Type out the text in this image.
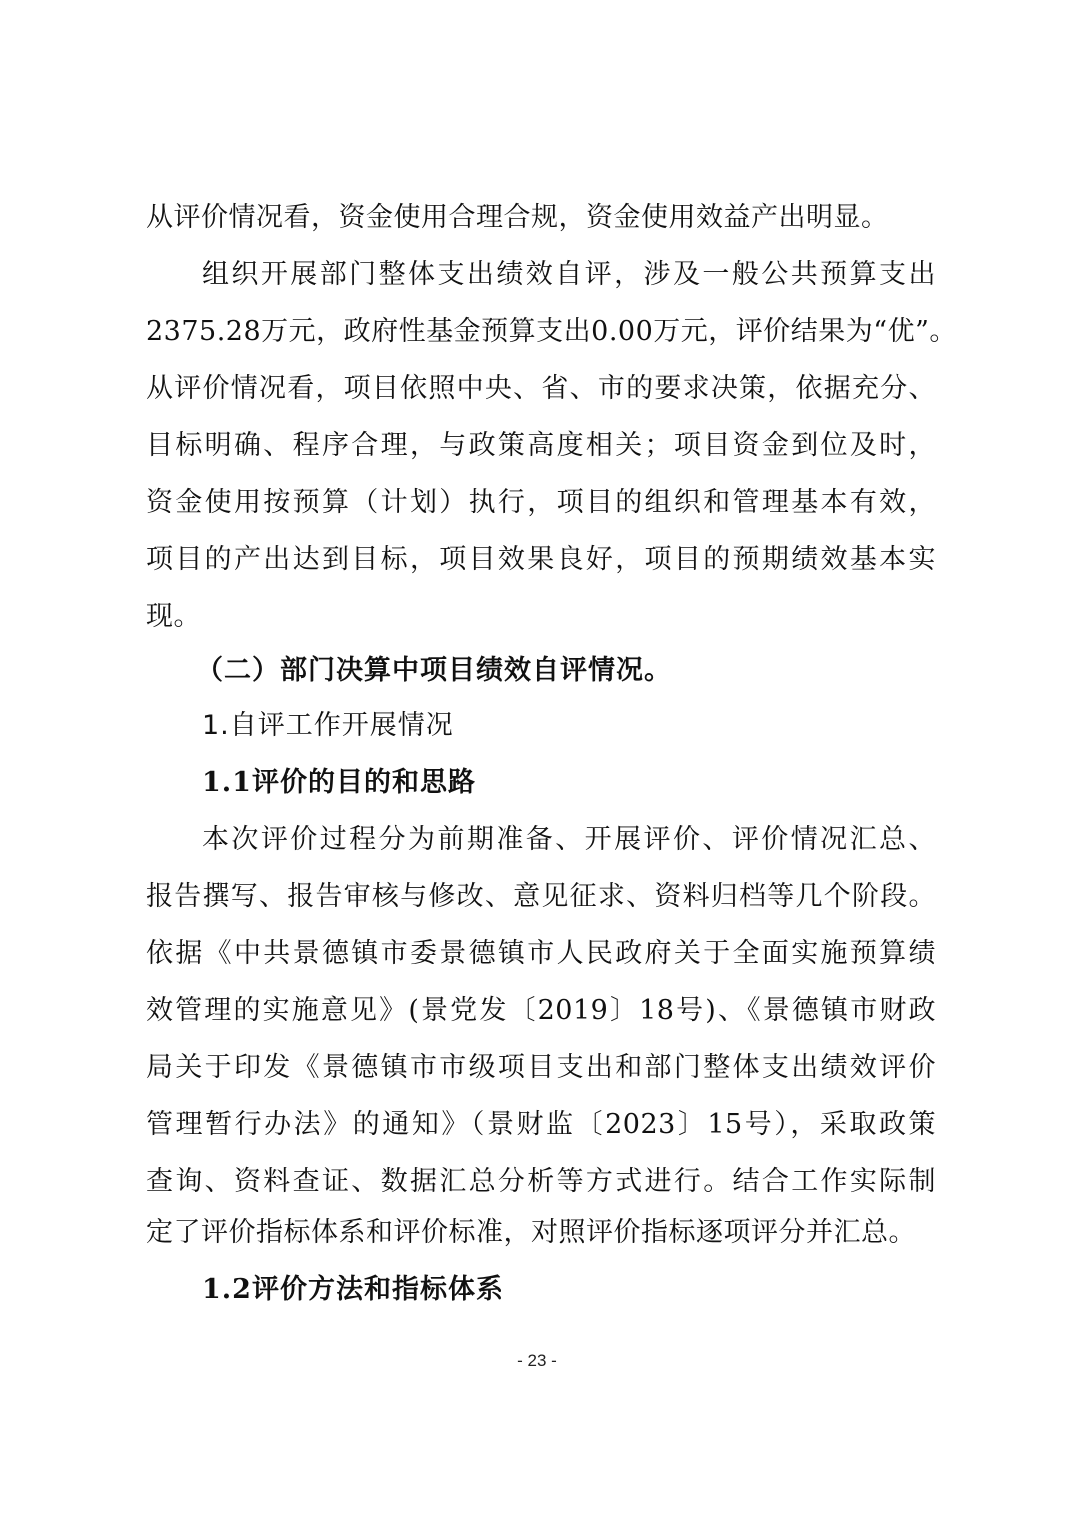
从评价情况看，资金使用合理合规，资金使用效益产出明显。
组织开展部门整体支出绩效自评，涉及一般公共预算支出
2375.28万元，政府性基金预算支出0.00万元，评价结果为“优”。
从评价情况看，项目依照中央、省、市的要求决策，依据充分、
目标明确、程序合理，与政策高度相关；项目资金到位及时，
资金使用按预算（计划）执行，项目的组织和管理基本有效，
项目的产出达到目标，项目效果良好，项目的预期绩效基本实
现。
（二）部门决算中项目绩效自评情况。
1.自评工作开展情况
1.1评价的目的和思路
本次评价过程分为前期准备、开展评价、评价情况汇总、
报告撰写、报告审核与修改、意见征求、资料归档等几个阶段。
依据《中共景德镇市委景德镇市人民政府关于全面实施预算绩
效管理的实施意见》(景党发〔2019〕18号)、《景德镇市财政
局关于印发《景德镇市市级项目支出和部门整体支出绩效评价
管理暂行办法》的通知》（景财监〔2023〕15号），采取政策
查询、资料查证、数据汇总分析等方式进行。结合工作实际制
定了评价指标体系和评价标准，对照评价指标逐项评分并汇总。
1.2评价方法和指标体系
- 23 -
